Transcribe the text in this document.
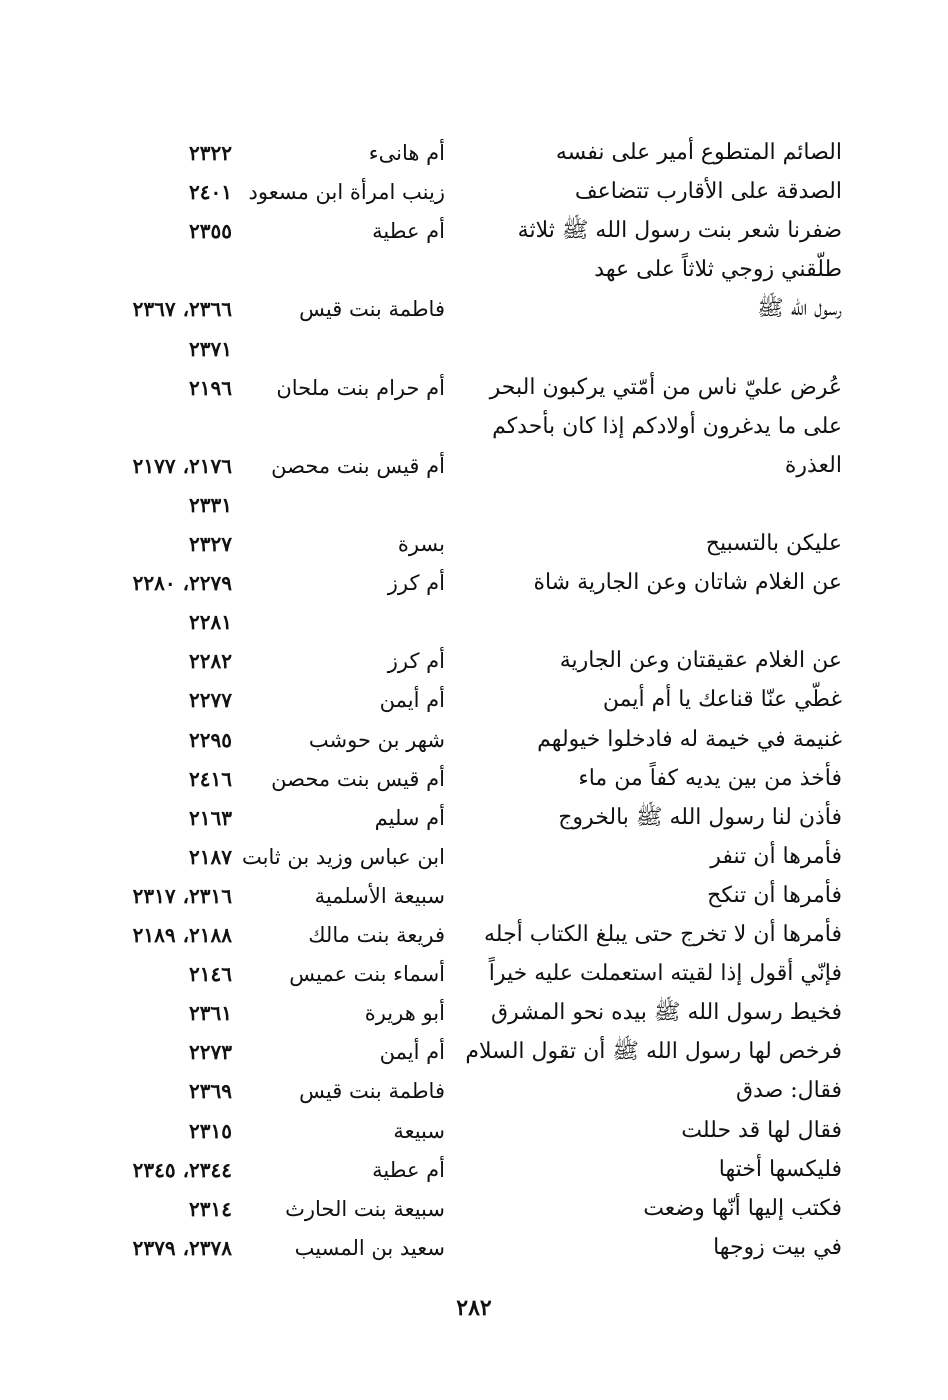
الصائم المتطوع أمير على نفسه
أم هانىء
٢٣٢٢
الصدقة على الأقارب تتضاعف
زينب امرأة ابن مسعود
٢٤٠١
ضفرنا شعر بنت رسول الله ﷺ ثلاثة
أم عطية
٢٣٥٥
طلّقني زوجي ثلاثاً على عهد
رسول الله ﷺ
فاطمة بنت قيس
٢٣٦٦، ٢٣٦٧
٢٣٧١
عُرض عليّ ناس من أمّتي يركبون البحر
أم حرام بنت ملحان
٢١٩٦
على ما يدغرون أولادكم إذا كان بأحدكم
العذرة
أم قيس بنت محصن
٢١٧٦، ٢١٧٧
٢٣٣١
عليكن بالتسبيح
بسرة
٢٣٢٧
عن الغلام شاتان وعن الجارية شاة
أم كرز
٢٢٧٩، ٢٢٨٠
٢٢٨١
عن الغلام عقيقتان وعن الجارية
أم كرز
٢٢٨٢
غطّي عنّا قناعك يا أم أيمن
أم أيمن
٢٢٧٧
غنيمة في خيمة له فادخلوا خيولهم
شهر بن حوشب
٢٢٩٥
فأخذ من بين يديه كفاً من ماء
أم قيس بنت محصن
٢٤١٦
فأذن لنا رسول الله ﷺ بالخروج
أم سليم
٢١٦٣
فأمرها أن تنفر
ابن عباس وزيد بن ثابت
٢١٨٧
فأمرها أن تنكح
سبيعة الأسلمية
٢٣١٦، ٢٣١٧
فأمرها أن لا تخرج حتى يبلغ الكتاب أجله
فريعة بنت مالك
٢١٨٨، ٢١٨٩
فإنّي أقول إذا لقيته استعملت عليه خيراً
أسماء بنت عميس
٢١٤٦
فخيط رسول الله ﷺ بيده نحو المشرق
أبو هريرة
٢٣٦١
فرخص لها رسول الله ﷺ أن تقول السلام
أم أيمن
٢٢٧٣
فقال: صدق
فاطمة بنت قيس
٢٣٦٩
فقال لها قد حللت
سبيعة
٢٣١٥
فليكسها أختها
أم عطية
٢٣٤٤، ٢٣٤٥
فكتب إليها أنّها وضعت
سبيعة بنت الحارث
٢٣١٤
في بيت زوجها
سعيد بن المسيب
٢٣٧٨، ٢٣٧٩
٢٨٢
